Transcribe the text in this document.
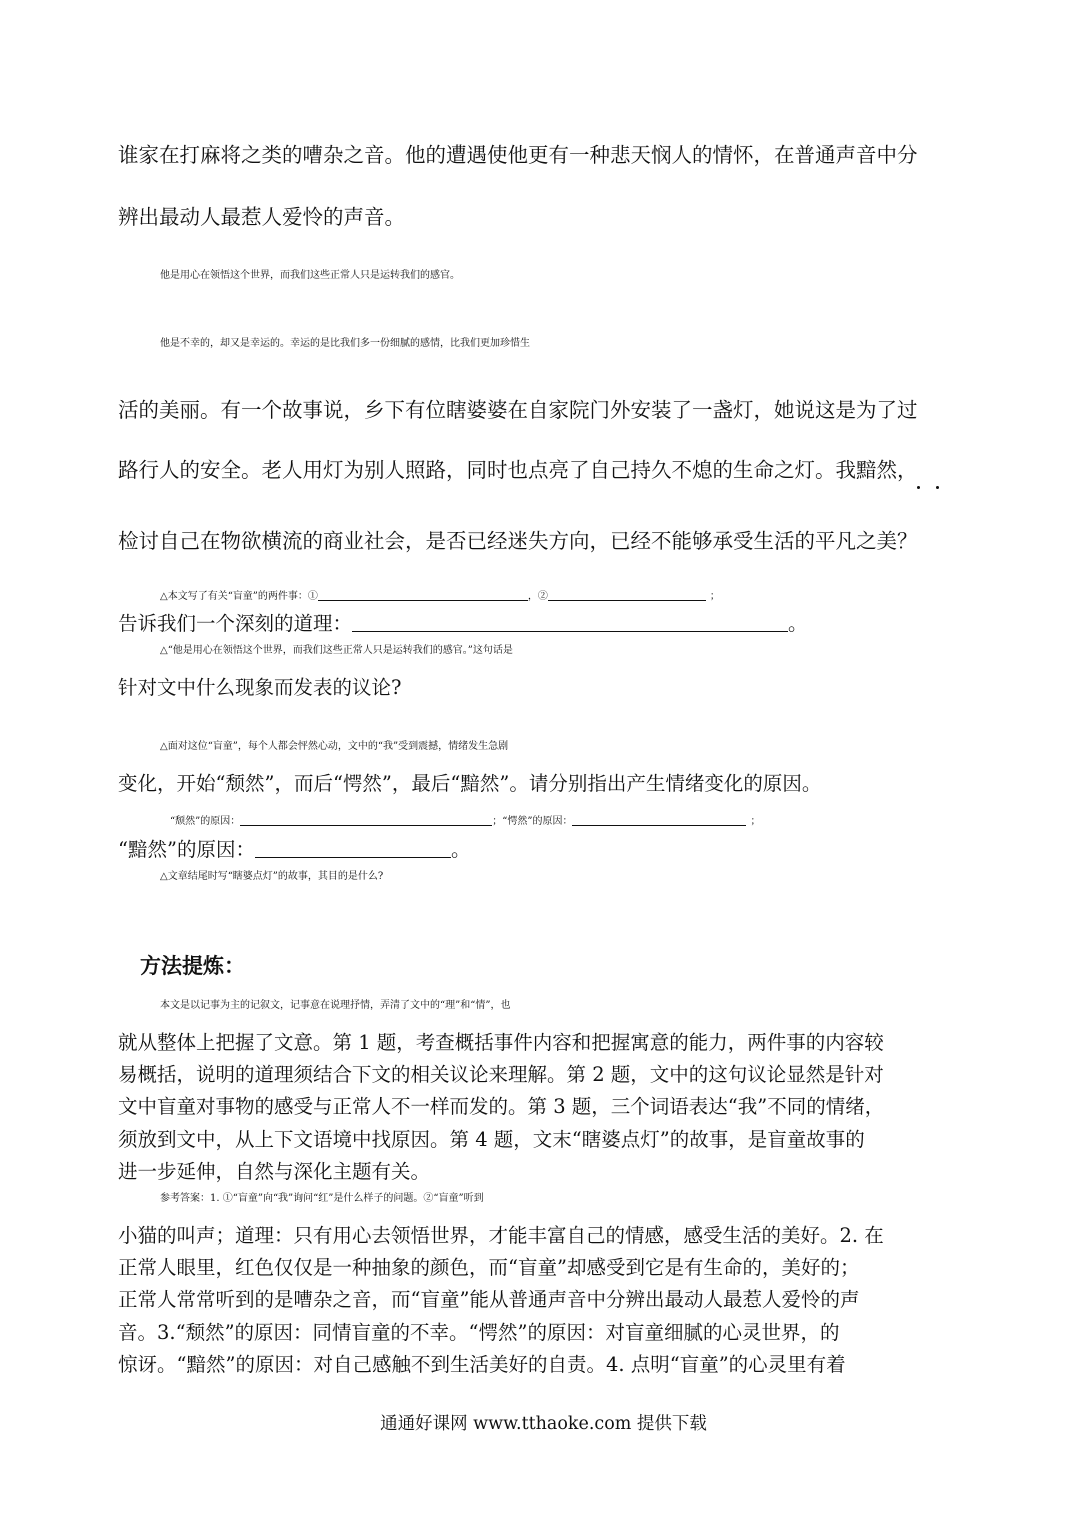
谁家在打麻将之类的嘈杂之音。他的遭遇使他更有一种悲天悯人的情怀，在普通声音中分
辨出最动人最惹人爱怜的声音。
他是用心在领悟这个世界，而我们这些正常人只是运转我们的感官。
他是不幸的，却又是幸运的。幸运的是比我们多一份细腻的感情，比我们更加珍惜生
活的美丽。有一个故事说，乡下有位瞎婆婆在自家院门外安装了一盏灯，她说这是为了过
路行人的安全。老人用灯为别人照路，同时也点亮了自己持久不熄的生命之灯。我黯然，
检讨自己在物欲横流的商业社会，是否已经迷失方向，已经不能够承受生活的平凡之美？
△本文写了有关“盲童”的两件事：①	，②	；
告诉我们一个深刻的道理：	。
△“他是用心在领悟这个世界，而我们这些正常人只是运转我们的感官。”这句话是
针对文中什么现象而发表的议论?
△面对这位“盲童”，每个人都会怦然心动，文中的“我”受到震撼，情绪发生急剧
变化，开始“颓然”，而后“愕然”，最后“黯然”。请分别指出产生情绪变化的原因。
“颓然”的原因：	；“愕然”的原因：	；
“黯然”的原因：	。
△文章结尾时写“瞎婆点灯”的故事，其目的是什么?
方法提炼：
本文是以记事为主的记叙文，记事意在说理抒情，弄清了文中的“理”和“情”，也
就从整体上把握了文意。第 1 题，考查概括事件内容和把握寓意的能力，两件事的内容较
易概括，说明的道理须结合下文的相关议论来理解。第 2 题，文中的这句议论显然是针对
文中盲童对事物的感受与正常人不一样而发的。第 3 题，三个词语表达“我”不同的情绪，
须放到文中，从上下文语境中找原因。第 4 题，文末“瞎婆点灯”的故事，是盲童故事的
进一步延伸，自然与深化主题有关。
参考答案：1. ①“盲童”向“我”询问“红”是什么样子的问题。②“盲童”听到
小猫的叫声；道理：只有用心去领悟世界，才能丰富自己的情感，感受生活的美好。2. 在
正常人眼里，红色仅仅是一种抽象的颜色，而“盲童”却感受到它是有生命的，美好的；
正常人常常听到的是嘈杂之音，而“盲童”能从普通声音中分辨出最动人最惹人爱怜的声
音。3.“颓然”的原因：同情盲童的不幸。“愕然”的原因：对盲童细腻的心灵世界，的
惊讶。“黯然”的原因：对自己感触不到生活美好的自责。4. 点明“盲童”的心灵里有着
通通好课网 www.tthaoke.com 提供下载
